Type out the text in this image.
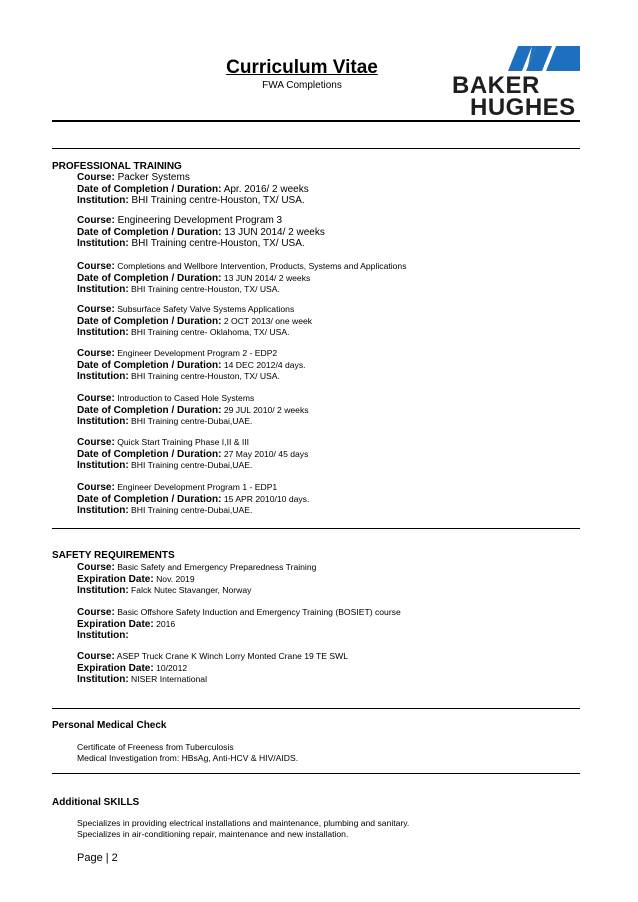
Curriculum Vitae
FWA Completions	BAKER
HUGHES
PROFESSIONAL TRAINING
Course: Packer Systems
Date of Completion / Duration: Apr. 2016/ 2 weeks
Institution: BHI Training centre-Houston, TX/ USA.
Course: Engineering Development Program 3
Date of Completion / Duration: 13 JUN 2014/ 2 weeks
Institution: BHI Training centre-Houston, TX/ USA.
Course: Completions and Wellbore Intervention, Products, Systems and Applications
Date of Completion / Duration: 13 JUN 2014/ 2 weeks
Institution: BHI Training centre-Houston, TX/ USA.
Course: Subsurface Safety Valve Systems Applications
Date of Completion / Duration: 2 OCT 2013/ one week
Institution: BHI Training centre- Oklahoma, TX/ USA.
Course: Engineer Development Program 2 - EDP2
Date of Completion / Duration: 14 DEC 2012/4 days.
Institution: BHI Training centre-Houston, TX/ USA.
Course: Introduction to Cased Hole Systems
Date of Completion / Duration: 29 JUL 2010/ 2 weeks
Institution: BHI Training centre-Dubai,UAE.
Course: Quick Start Training Phase I,II & III
Date of Completion / Duration: 27 May 2010/ 45 days
Institution: BHI Training centre-Dubai,UAE.
Course: Engineer Development Program 1 - EDP1
Date of Completion / Duration: 15 APR 2010/10 days.
Institution: BHI Training centre-Dubai,UAE.
SAFETY REQUIREMENTS
Course: Basic Safety and Emergency Preparedness Training
Expiration Date: Nov. 2019
Institution: Falck Nutec Stavanger, Norway
Course: Basic Offshore Safety Induction and Emergency Training (BOSIET) course
Expiration Date: 2016
Institution:
Course: ASEP Truck Crane K Winch Lorry Monted Crane 19 TE SWL
Expiration Date: 10/2012
Institution: NISER International
Personal Medical Check
Certificate of Freeness from Tuberculosis
Medical Investigation from: HBsAg, Anti-HCV & HIV/AIDS.
Additional SKILLS
Specializes in providing electrical installations and maintenance, plumbing and sanitary.
Specializes in air-conditioning repair, maintenance and new installation.
Page | 2
